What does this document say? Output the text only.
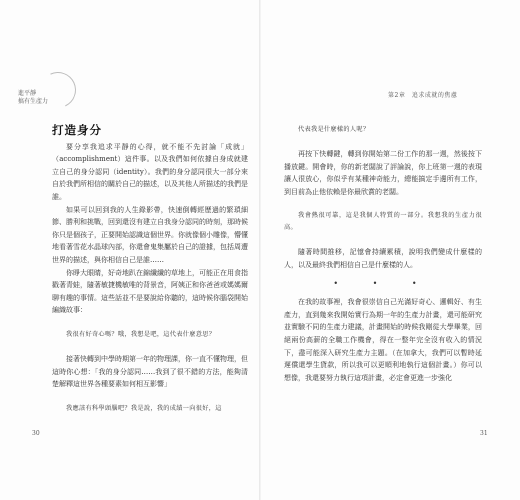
進平靜
搞有生產力
打造身分

要分享我追求平靜的心得，就不能不先討論「成就」（accomplishment）這件事。以及我們如何依據自身成就建立自己的身分認同（identity）。我們的身分認同很大一部分來自於我們所相信的關於自己的描述，以及其他人所描述的我們是誰。

如果可以回到我的人生錄影帶，快速倒轉經歷過的繁瑣細節、勝利和挑戰，回到還沒有建立自我身分認同的時刻，那時候你只是個孩子，正要開始認識這個世界。你就像個小雕像，懵懂地看著雪花水晶球內部，你還會鬼集屬於自己的證據，包括周遭世界的描述，與你相信自己是誰……

你睜大眼睛，好奇地趴在錦纖纖的草地上，可能正在用食指戳著青蛙，隨著敏捷機敏唯的背景音，阿姨正和你爸爸或媽媽爾聊有趣的事情。這些話並不是要說給你聽的，這時候你腦袋開始編織故事：

我很有好奇心嗎？哦，我想是吧，這代表什麼意思？

接著快轉到中學時期第一年的物理課，你一直不懂物理，但這時你心想：「我的身分認同……我到了很不錯的方法，能夠清楚解釋這世界各種要素如何相互影響」

我應該有科學頭腦吧？我是說，我的成績一向很好，這

30
第2章　追求成就的焦慮

代表我是什麼樣的人呢？

再按下快轉鍵，轉到你開始第二份工作的那一週，然後按下播放鍵。開會時，你的新老闆說了評論說，你上班第一週的表現讓人很放心，你似乎有某種神奇能力，總能搞定手邊所有工作，到目前為止他依賴是你最欣賞的老闆。

我會熱很可靠，這是我個人特質的一部分。我想我的生產力很高。

隨著時間推移，記憶會持續累積，說明我們變成什麼樣的人，以及最終我們相信自己是什麼樣的人。

• • •

在我的故事裡，我會很崇信自己光滿好奇心、邏輯好、有生產力，直到幾來我開始實行為期一年的生產力計畫，還可能研究並實驗不同的生產力建議，計畫開始的時候我剛從大學畢業，回絕兩份高薪的全職工作機會，得在一整年完全沒有收入的情況下，盡可能深入研究生產力主題。（在加拿大，我們可以暫時延遲償還學生貸款，所以我可以更順利地執行這個計畫。）你可以想像，我還要努力執行這項計畫，必定會更進一步強化

31
